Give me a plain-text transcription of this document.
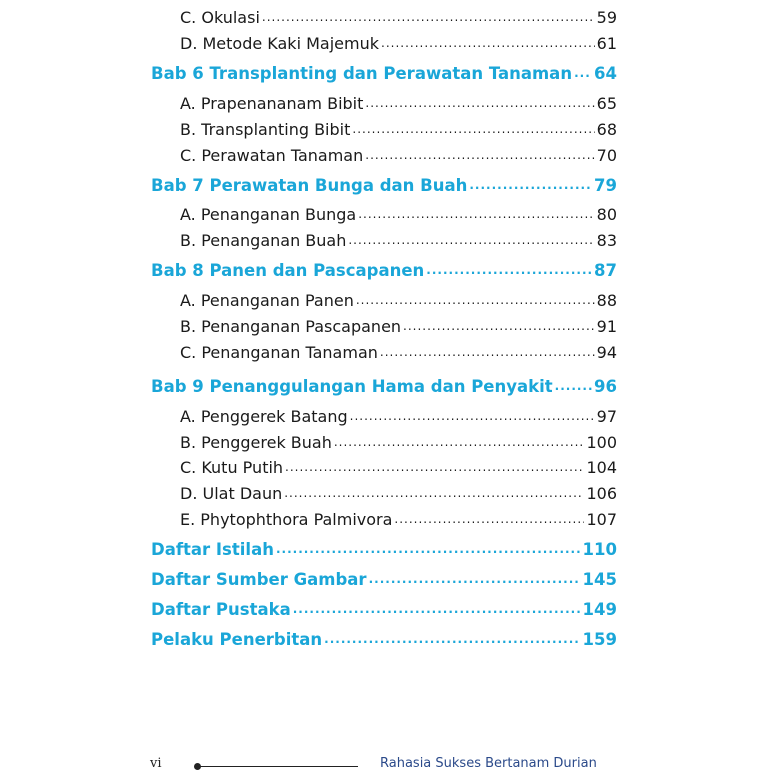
C. Okulasi .....	59
D. Metode Kaki Majemuk .....	61
Bab 6 Transplanting dan Perawatan Tanaman ..... 64
A. Prapenananam Bibit .....	65
B. Transplanting Bibit .....	68
C. Perawatan Tanaman .....	70
Bab 7 Perawatan Bunga dan Buah .....	79
A. Penanganan Bunga .....	80
B. Penanganan Buah .....	83
Bab 8 Panen dan Pascapanen .....	87
A. Penanganan Panen .....	88
B. Penanganan Pascapanen .....	91
C. Penanganan Tanaman .....	94
Bab 9 Penanggulangan Hama dan Penyakit .....	96
A. Penggerek Batang .....	97
B. Penggerek Buah .....	100
C. Kutu Putih .....	104
D. Ulat Daun .....	106
E. Phytophthora Palmivora .....	107
Daftar Istilah .....	110
Daftar Sumber Gambar .....	145
Daftar Pustaka .....	149
Pelaku Penerbitan .....	159
vi	Rahasia Sukses Bertanam Durian
